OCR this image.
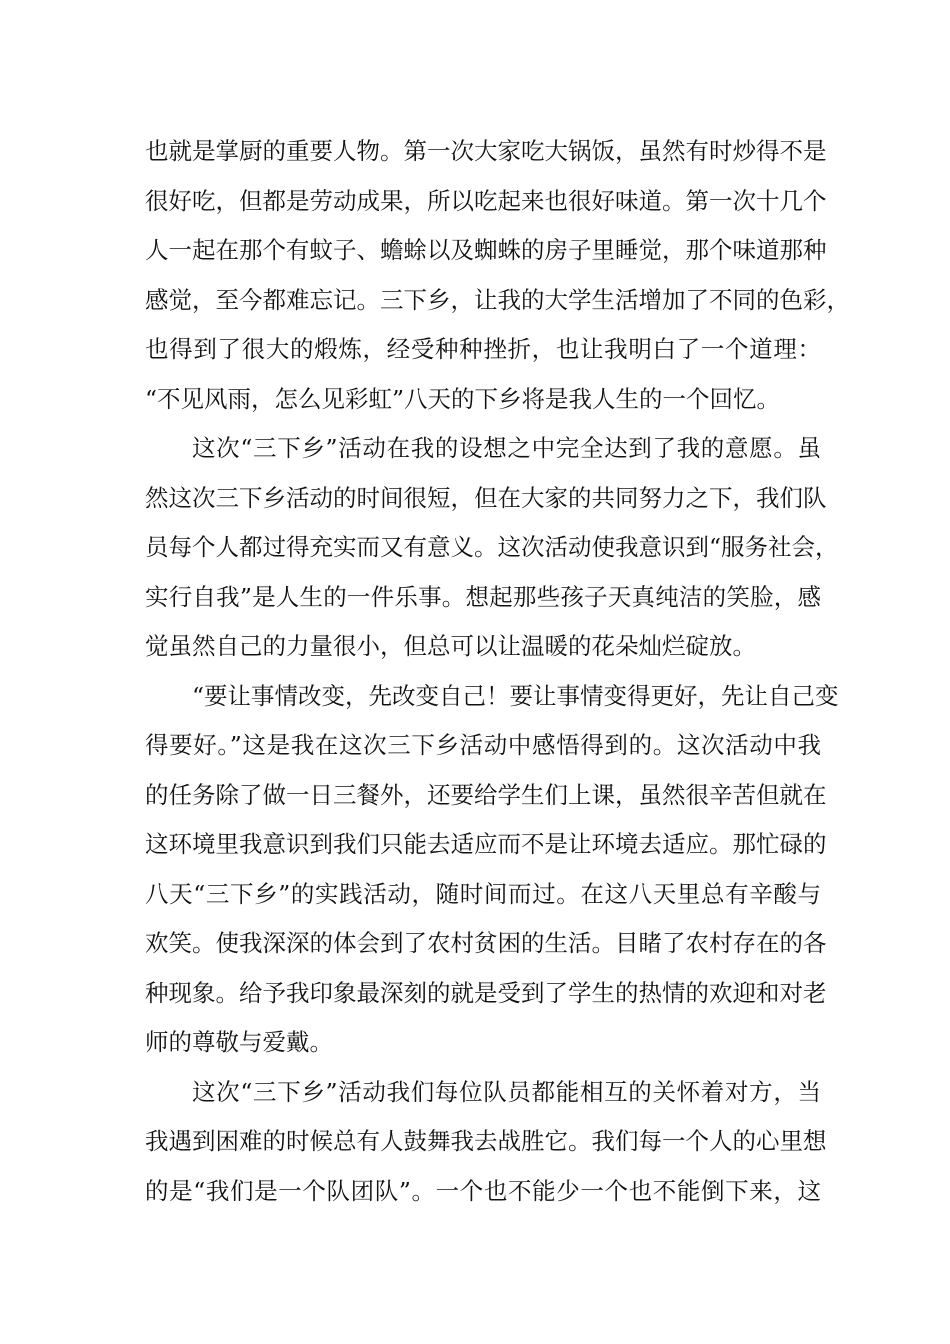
也就是掌厨的重要人物。第一次大家吃大锅饭，虽然有时炒得不是
很好吃，但都是劳动成果，所以吃起来也很好味道。第一次十几个
人一起在那个有蚊子、蟾蜍以及蜘蛛的房子里睡觉，那个味道那种
感觉，至今都难忘记。三下乡，让我的大学生活增加了不同的色彩，
也得到了很大的煅炼，经受种种挫折，也让我明白了一个道理：
“不见风雨，怎么见彩虹”八天的下乡将是我人生的一个回忆。
这次“三下乡”活动在我的设想之中完全达到了我的意愿。虽
然这次三下乡活动的时间很短，但在大家的共同努力之下，我们队
员每个人都过得充实而又有意义。这次活动使我意识到“服务社会，
实行自我”是人生的一件乐事。想起那些孩子天真纯洁的笑脸，感
觉虽然自己的力量很小，但总可以让温暖的花朵灿烂碇放。
“要让事情改变，先改变自己！要让事情变得更好，先让自己变
得要好。”这是我在这次三下乡活动中感悟得到的。这次活动中我
的任务除了做一日三餐外，还要给学生们上课，虽然很辛苦但就在
这环境里我意识到我们只能去适应而不是让环境去适应。那忙碌的
八天“三下乡”的实践活动，随时间而过。在这八天里总有辛酸与
欢笑。使我深深的体会到了农村贫困的生活。目睹了农村存在的各
种现象。给予我印象最深刻的就是受到了学生的热情的欢迎和对老
师的尊敬与爱戴。
这次“三下乡”活动我们每位队员都能相互的关怀着对方，当
我遇到困难的时候总有人鼓舞我去战胜它。我们每一个人的心里想
的是“我们是一个队团队”。一个也不能少一个也不能倒下来，这
